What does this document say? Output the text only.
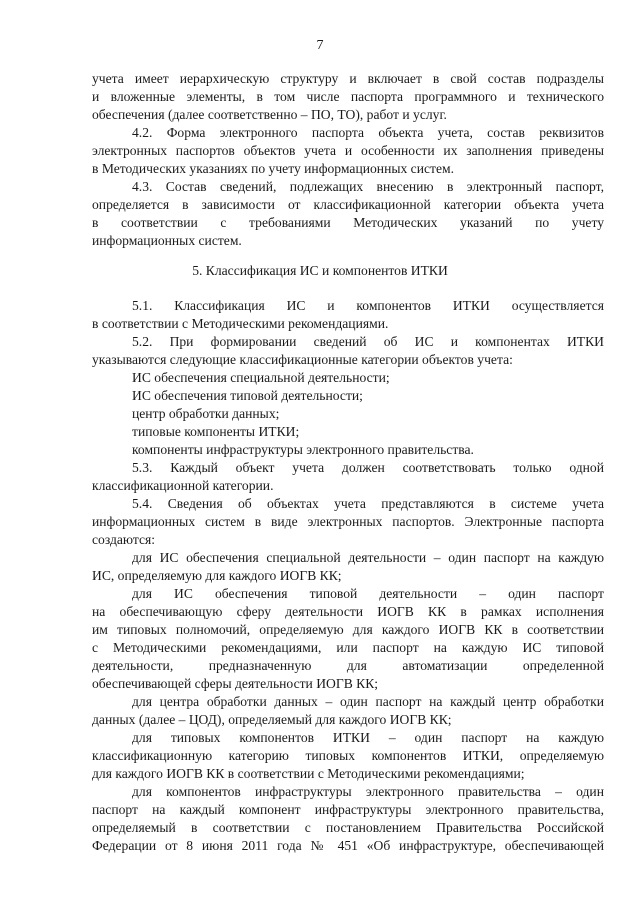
7
учета имеет иерархическую структуру и включает в свой состав подразделы
и вложенные элементы, в том числе паспорта программного и технического
обеспечения (далее соответственно – ПО, ТО), работ и услуг.
4.2. Форма электронного паспорта объекта учета, состав реквизитов
электронных паспортов объектов учета и особенности их заполнения приведены
в Методических указаниях по учету информационных систем.
4.3. Состав сведений, подлежащих внесению в электронный паспорт,
определяется в зависимости от классификационной категории объекта учета
в соответствии с требованиями Методических указаний по учету
информационных систем.
5. Классификация ИС и компонентов ИТКИ
5.1. Классификация ИС и компонентов ИТКИ осуществляется
в соответствии с Методическими рекомендациями.
5.2. При формировании сведений об ИС и компонентах ИТКИ
указываются следующие классификационные категории объектов учета:
ИС обеспечения специальной деятельности;
ИС обеспечения типовой деятельности;
центр обработки данных;
типовые компоненты ИТКИ;
компоненты инфраструктуры электронного правительства.
5.3. Каждый объект учета должен соответствовать только одной
классификационной категории.
5.4. Сведения об объектах учета представляются в системе учета
информационных систем в виде электронных паспортов. Электронные паспорта
создаются:
для ИС обеспечения специальной деятельности – один паспорт на каждую
ИС, определяемую для каждого ИОГВ КК;
для ИС обеспечения типовой деятельности – один паспорт
на обеспечивающую сферу деятельности ИОГВ КК в рамках исполнения
им типовых полномочий, определяемую для каждого ИОГВ КК в соответствии
с Методическими рекомендациями, или паспорт на каждую ИС типовой
деятельности, предназначенную для автоматизации определенной
обеспечивающей сферы деятельности ИОГВ КК;
для центра обработки данных – один паспорт на каждый центр обработки
данных (далее – ЦОД), определяемый для каждого ИОГВ КК;
для типовых компонентов ИТКИ – один паспорт на каждую
классификационную категорию типовых компонентов ИТКИ, определяемую
для каждого ИОГВ КК в соответствии с Методическими рекомендациями;
для компонентов инфраструктуры электронного правительства – один
паспорт на каждый компонент инфраструктуры электронного правительства,
определяемый в соответствии с постановлением Правительства Российской
Федерации от 8 июня 2011 года № 451 «Об инфраструктуре, обеспечивающей
